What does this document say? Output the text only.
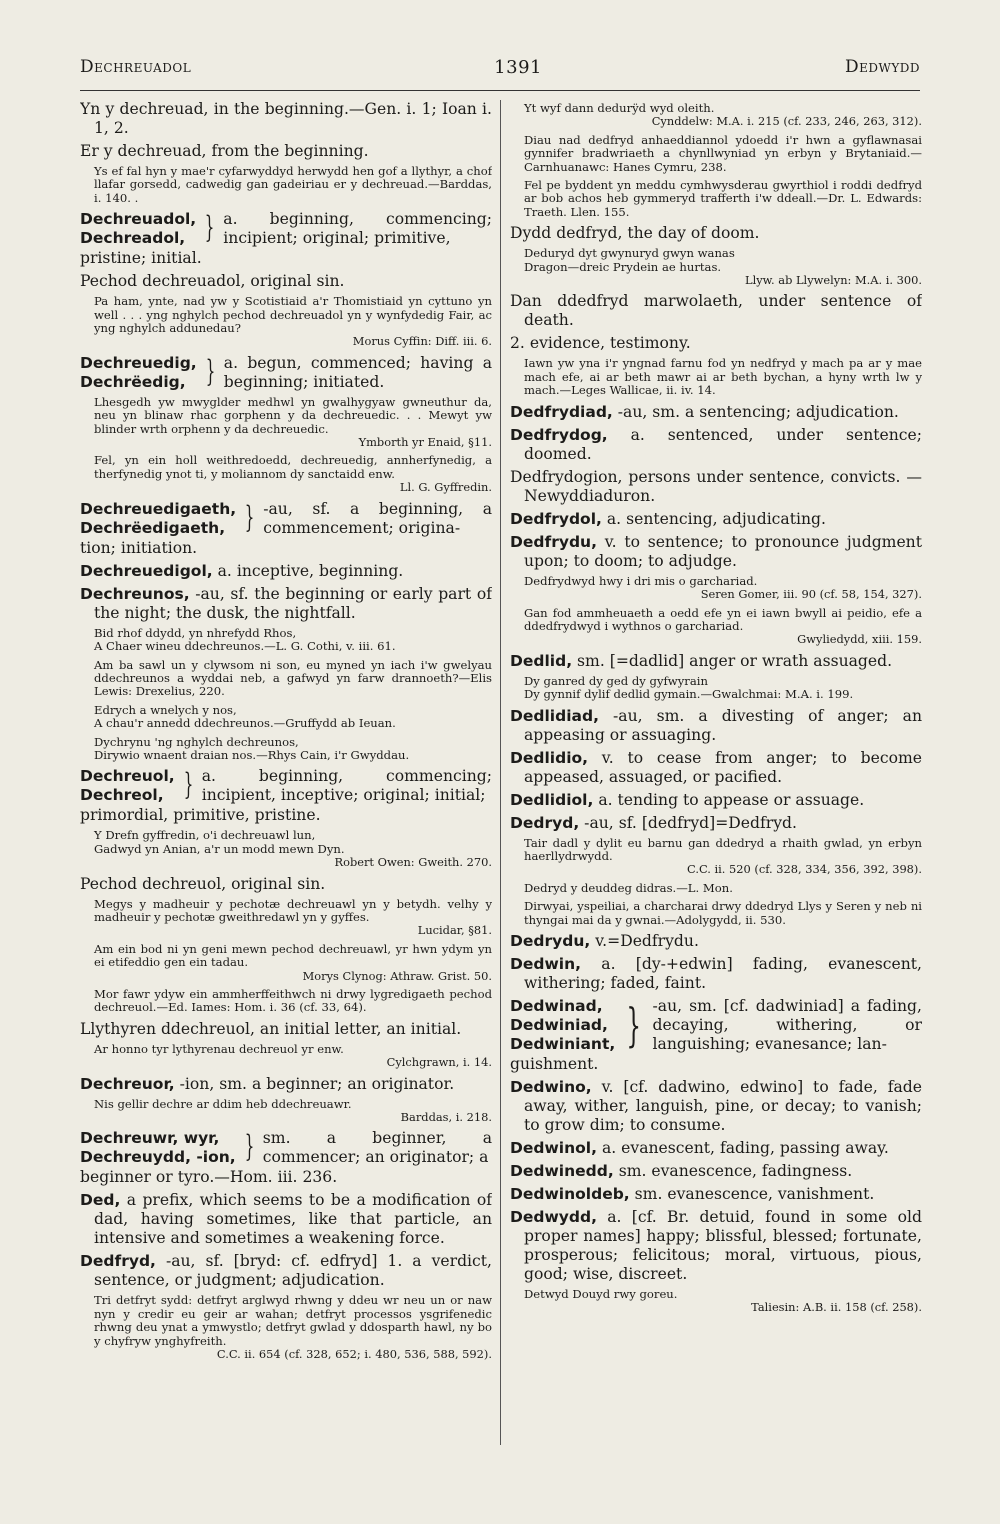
Dechreuadol	1391	Dedwydd

Yn y dechreuad, in the beginning.—Gen. i. 1; Ioan i. 1, 2.

Er y dechreuad, from the beginning.

Ys ef fal hyn y mae'r cyfarwyddyd herwydd hen gof a llythyr, a chof llafar gorsedd, cadwedig gan gadeiriau er y dechreuad.—Barddas, i. 140. .
Dechreuadol,
Dechreadol, } a. beginning, commencing; incipient; original; primitive,

pristine; initial.

Pechod dechreuadol, original sin.

Pa ham, ynte, nad yw y Scotistiaid a'r Thomistiaid yn cyttuno yn well . . . yng nghylch pechod dechreuadol yn y wynfydedig Fair, ac yng nghylch addunedau?
Morus Cyffin: Diff. iii. 6.
Dechreuedig,
Dechrëedig, } a. begun, commenced; having a beginning; initiated.
Lhesgedh yw mwyglder medhwl yn gwalhygyaw gwneuthur da, neu yn blinaw rhac gorphenn y da dechreuedic. . . Mewyt yw blinder wrth orphenn y da dechreuedic.
Ymborth yr Enaid, §11.
Fel, yn ein holl weithredoedd, dechreuedig, annherfynedig, a therfynedig ynot ti, y moliannom dy sanctaidd enw.
Ll. G. Gyffredin.
Dechreuedigaeth,
Dechrëedigaeth, } -au, sf. a beginning, a commencement; origina-

tion; initiation.

Dechreuedigol, a. inceptive, beginning.

Dechreunos, -au, sf. the beginning or early part of the night; the dusk, the nightfall.

Bid rhof ddydd, yn nhrefydd Rhos,
A Chaer wineu ddechreunos.—L. G. Cothi, v. iii. 61.
Am ba sawl un y clywsom ni son, eu myned yn iach i'w gwelyau ddechreunos a wyddai neb, a gafwyd yn farw drannoeth?—Elis Lewis: Drexelius, 220.
Edrych a wnelych y nos,
A chau'r annedd ddechreunos.—Gruffydd ab Ieuan.
Dychrynu 'ng nghylch dechreunos,
Dirywio wnaent draian nos.—Rhys Cain, i'r Gwyddau.
Dechreuol,
Dechreol, } a. beginning, commencing; incipient, inceptive; original; initial;

primordial, primitive, pristine.

Y Drefn gyffredin, o'i dechreuawl lun,
Gadwyd yn Anian, a'r un modd mewn Dyn.
Robert Owen: Gweith. 270.

Pechod dechreuol, original sin.

Megys y madheuir y pechotæ dechreuawl yn y betydh. velhy y madheuir y pechotæ gweithredawl yn y gyffes.
Lucidar, §81.
Am ein bod ni yn geni mewn pechod dechreuawl, yr hwn ydym yn ei etifeddio gen ein tadau.
Morys Clynog: Athraw. Grist. 50.
Mor fawr ydyw ein ammherffeithwch ni drwy lygredigaeth pechod dechreuol.—Ed. Iames: Hom. i. 36 (cf. 33, 64).

Llythyren ddechreuol, an initial letter, an initial.

Ar honno tyr lythyrenau dechreuol yr enw.
Cylchgrawn, i. 14.

Dechreuor, -ion, sm. a beginner; an originator.

Nis gellir dechre ar ddim heb ddechreuawr.
Barddas, i. 218.
Dechreuwr, wyr,
Dechreuydd, -ion, } sm. a beginner, a commencer; an originator; a

beginner or tyro.—Hom. iii. 236.

Ded, a prefix, which seems to be a modification of dad, having sometimes, like that particle, an intensive and sometimes a weakening force.

Dedfryd, -au, sf. [bryd: cf. edfryd] 1. a verdict, sentence, or judgment; adjudication.

Tri detfryt sydd: detfryt arglwyd rhwng y ddeu wr neu un or naw nyn y credir eu geir ar wahan; detfryt processos ysgrifenedic rhwng deu ynat a ymwystlo; detfryt gwlad y ddosparth hawl, ny bo y chyfryw ynghyfreith.
C.C. ii. 654 (cf. 328, 652; i. 480, 536, 588, 592).
Yt wyf dann dedurÿd wyd oleith.
Cynddelw: M.A. i. 215 (cf. 233, 246, 263, 312).
Diau nad dedfryd anhaeddiannol ydoedd i'r hwn a gyflawnasai gynnifer bradwriaeth a chynllwyniad yn erbyn y Brytaniaid.—Carnhuanawc: Hanes Cymru, 238.
Fel pe byddent yn meddu cymhwysderau gwyrthiol i roddi dedfryd ar bob achos heb gymmeryd trafferth i'w ddeall.—Dr. L. Edwards: Traeth. Llen. 155.

Dydd dedfryd, the day of doom.

Deduryd dyt gwynuryd gwyn wanas
Dragon—dreic Prydein ae hurtas.
Llyw. ab Llywelyn: M.A. i. 300.

Dan ddedfryd marwolaeth, under sentence of death.

2. evidence, testimony.

Iawn yw yna i'r yngnad farnu fod yn nedfryd y mach pa ar y mae mach efe, ai ar beth mawr ai ar beth bychan, a hyny wrth lw y mach.—Leges Wallicae, ii. iv. 14.

Dedfrydiad, -au, sm. a sentencing; adjudication.

Dedfrydog, a. sentenced, under sentence; doomed.

Dedfrydogion, persons under sentence, convicts. —Newyddiaduron.

Dedfrydol, a. sentencing, adjudicating.

Dedfrydu, v. to sentence; to pronounce judgment upon; to doom; to adjudge.

Dedfrydwyd hwy i dri mis o garchariad.
Seren Gomer, iii. 90 (cf. 58, 154, 327).
Gan fod ammheuaeth a oedd efe yn ei iawn bwyll ai peidio, efe a ddedfrydwyd i wythnos o garchariad.
Gwyliedydd, xiii. 159.

Dedlid, sm. [=dadlid] anger or wrath assuaged.

Dy ganred dy ged dy gyfwyrain
Dy gynnif dylif dedlid gymain.—Gwalchmai: M.A. i. 199.

Dedlidiad, -au, sm. a divesting of anger; an appeasing or assuaging.

Dedlidio, v. to cease from anger; to become appeased, assuaged, or pacified.

Dedlidiol, a. tending to appease or assuage.

Dedryd, -au, sf. [dedfryd]=Dedfryd.

Tair dadl y dylit eu barnu gan ddedryd a rhaith gwlad, yn erbyn haerllydrwydd.
C.C. ii. 520 (cf. 328, 334, 356, 392, 398).
Dedryd y deuddeg didras.—L. Mon.
Dirwyai, yspeiliai, a charcharai drwy ddedryd Llys y Seren y neb ni thyngai mai da y gwnai.—Adolygydd, ii. 530.

Dedrydu, v.=Dedfrydu.

Dedwin, a. [dy-+edwin] fading, evanescent, withering; faded, faint.

Dedwinad,
Dedwiniad,
Dedwiniant, } -au, sm. [cf. dadwiniad] a fading, decaying, withering, or languishing; evanesance; lan-

guishment.

Dedwino, v. [cf. dadwino, edwino] to fade, fade away, wither, languish, pine, or decay; to vanish; to grow dim; to consume.

Dedwinol, a. evanescent, fading, passing away.

Dedwinedd, sm. evanescence, fadingness.

Dedwinoldeb, sm. evanescence, vanishment.

Dedwydd, a. [cf. Br. detuid, found in some old proper names] happy; blissful, blessed; fortunate, prosperous; felicitous; moral, virtuous, pious, good; wise, discreet.

Detwyd Douyd rwy goreu.
Taliesin: A.B. ii. 158 (cf. 258).
